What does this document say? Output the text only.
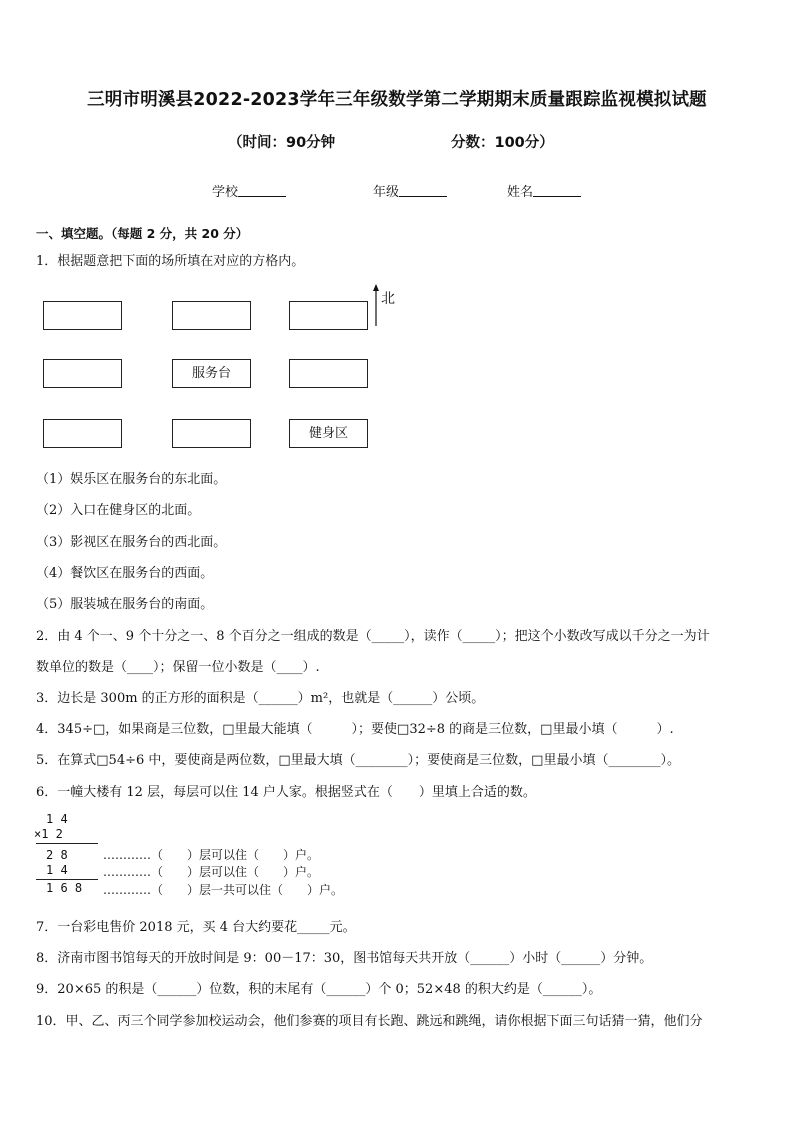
三明市明溪县2022-2023学年三年级数学第二学期期末质量跟踪监视模拟试题
（时间：90分钟	分数：100分）
学校	年级	姓名
一、填空题。（每题 2 分，共 20 分）
1．根据题意把下面的场所填在对应的方格内。
服务台
健身区
北
（1）娱乐区在服务台的东北面。
（2）入口在健身区的北面。
（3）影视区在服务台的西北面。
（4）餐饮区在服务台的西面。
（5）服装城在服务台的南面。
2．由 4 个一、9 个十分之一、8 个百分之一组成的数是（_____），读作（_____）；把这个小数改写成以千分之一为计
数单位的数是（____）；保留一位小数是（____）.
3．边长是 300m 的正方形的面积是（______）m²，也就是（______）公顷。
4．345÷□，如果商是三位数，□里最大能填（　　　）；要使□32÷8 的商是三位数，□里最小填（　　　）.
5．在算式□54÷6 中，要使商是两位数，□里最大填（________）；要使商是三位数，□里最小填（________）。
6．一幢大楼有 12 层，每层可以住 14 户人家。根据竖式在（　　）里填上合适的数。
　1 4
×1 2
　2 8
1 4
1 6 8
…………（　　）层可以住（　　）户。
…………（　　）层可以住（　　）户。
…………（　　）层一共可以住（　　）户。
7．一台彩电售价 2018 元，买 4 台大约要花_____元。
8．济南市图书馆每天的开放时间是 9：00－17：30，图书馆每天共开放（______）小时（______）分钟。
9．20×65 的积是（______）位数，积的末尾有（______）个 0；52×48 的积大约是（______）。
10．甲、乙、丙三个同学参加校运动会，他们参赛的项目有长跑、跳远和跳绳，请你根据下面三句话猜一猜，他们分
